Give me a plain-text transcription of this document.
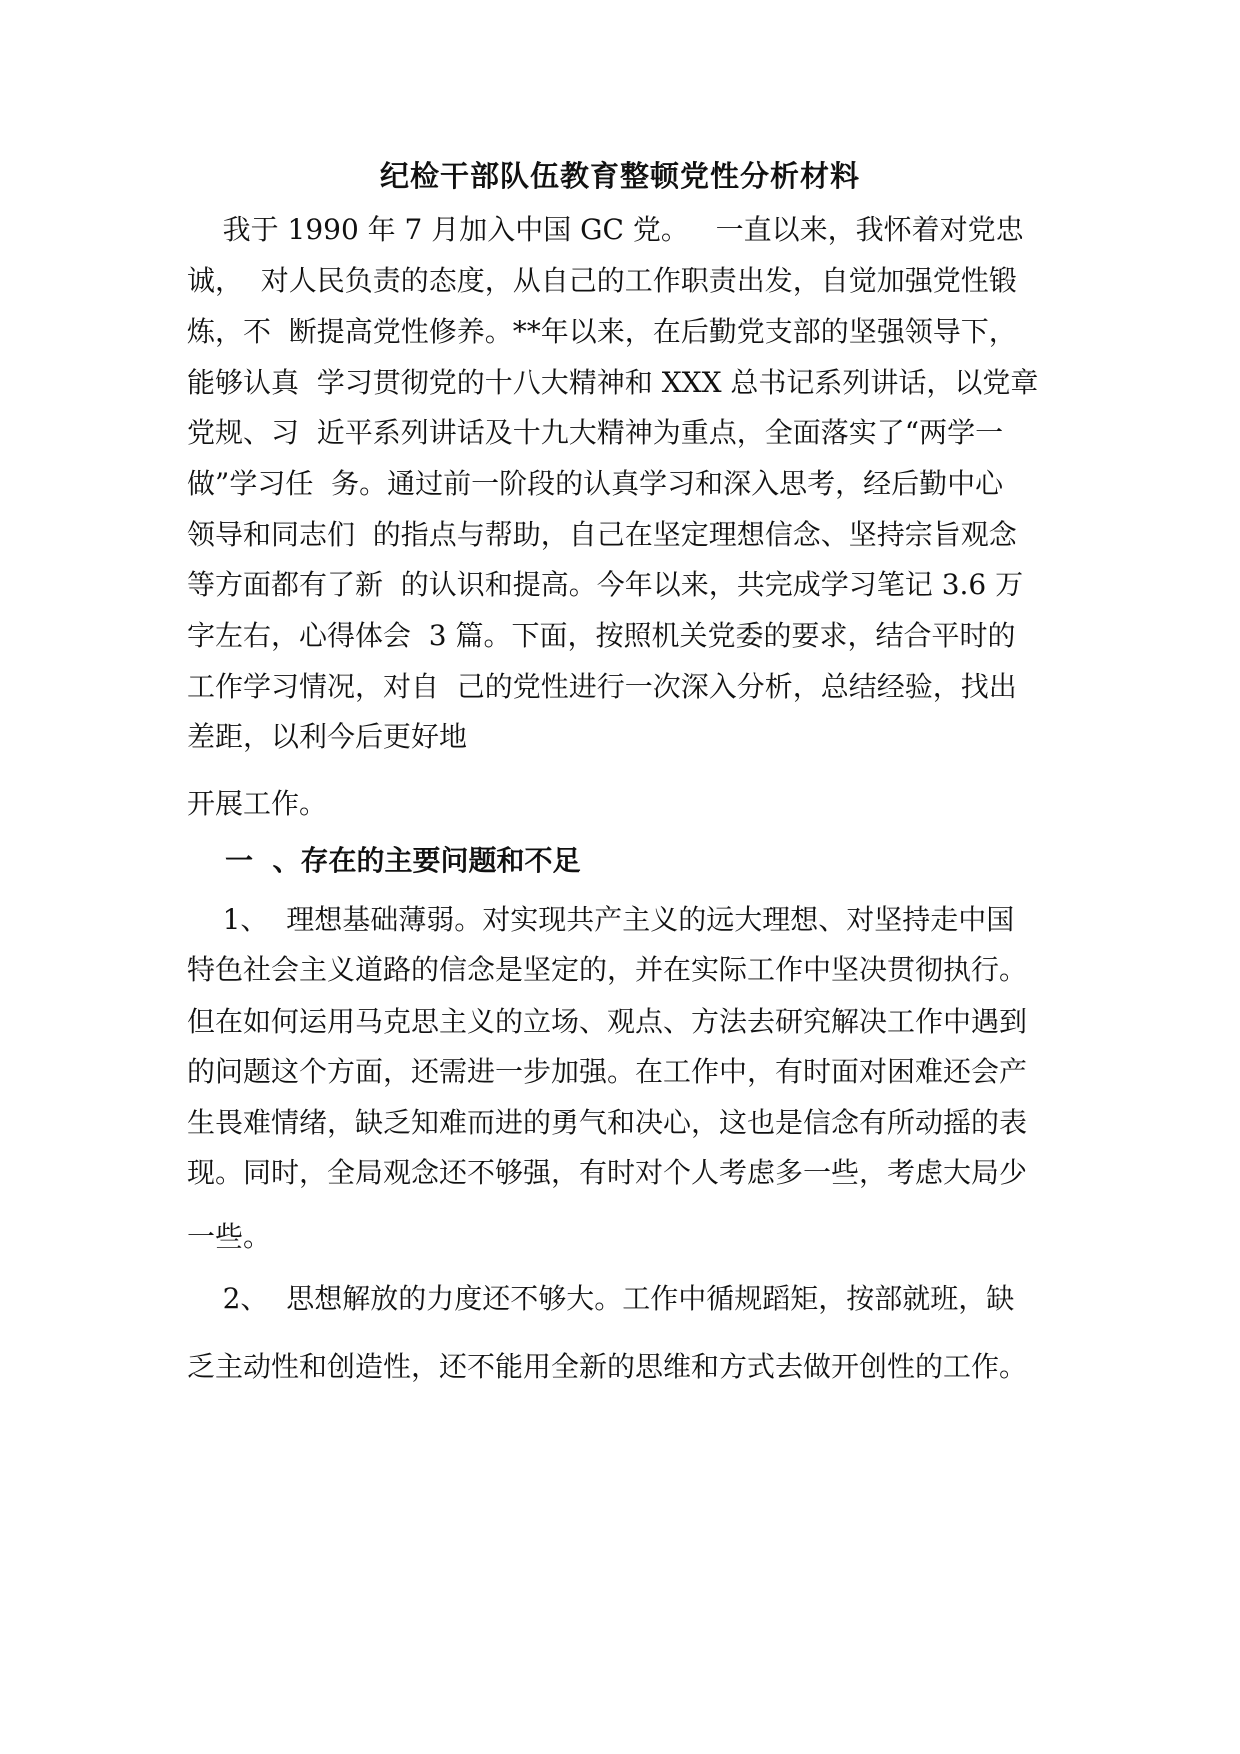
纪检干部队伍教育整顿党性分析材料

我于 1990 年 7 月加入中国 GC 党。   一直以来，我怀着对党忠

诚，  对人民负责的态度，从自己的工作职责出发，自觉加强党性锻

炼，不  断提高党性修养。**年以来，在后勤党支部的坚强领导下，

能够认真  学习贯彻党的十八大精神和 XXX 总书记系列讲话，以党章

党规、习  近平系列讲话及十九大精神为重点，全面落实了“两学一

做”学习任  务。通过前一阶段的认真学习和深入思考，经后勤中心

领导和同志们  的指点与帮助，自己在坚定理想信念、坚持宗旨观念

等方面都有了新  的认识和提高。今年以来，共完成学习笔记 3.6 万

字左右，心得体会  3 篇。下面，按照机关党委的要求，结合平时的

工作学习情况，对自  己的党性进行一次深入分析，总结经验，找出

差距，以利今后更好地

开展工作。

一  、存在的主要问题和不足

1、  理想基础薄弱。对实现共产主义的远大理想、对坚持走中国

特色社会主义道路的信念是坚定的，并在实际工作中坚决贯彻执行。

但在如何运用马克思主义的立场、观点、方法去研究解决工作中遇到

的问题这个方面，还需进一步加强。在工作中，有时面对困难还会产

生畏难情绪，缺乏知难而进的勇气和决心，这也是信念有所动摇的表

现。同时，全局观念还不够强，有时对个人考虑多一些，考虑大局少

一些。

2、  思想解放的力度还不够大。工作中循规蹈矩，按部就班，缺

乏主动性和创造性，还不能用全新的思维和方式去做开创性的工作。
